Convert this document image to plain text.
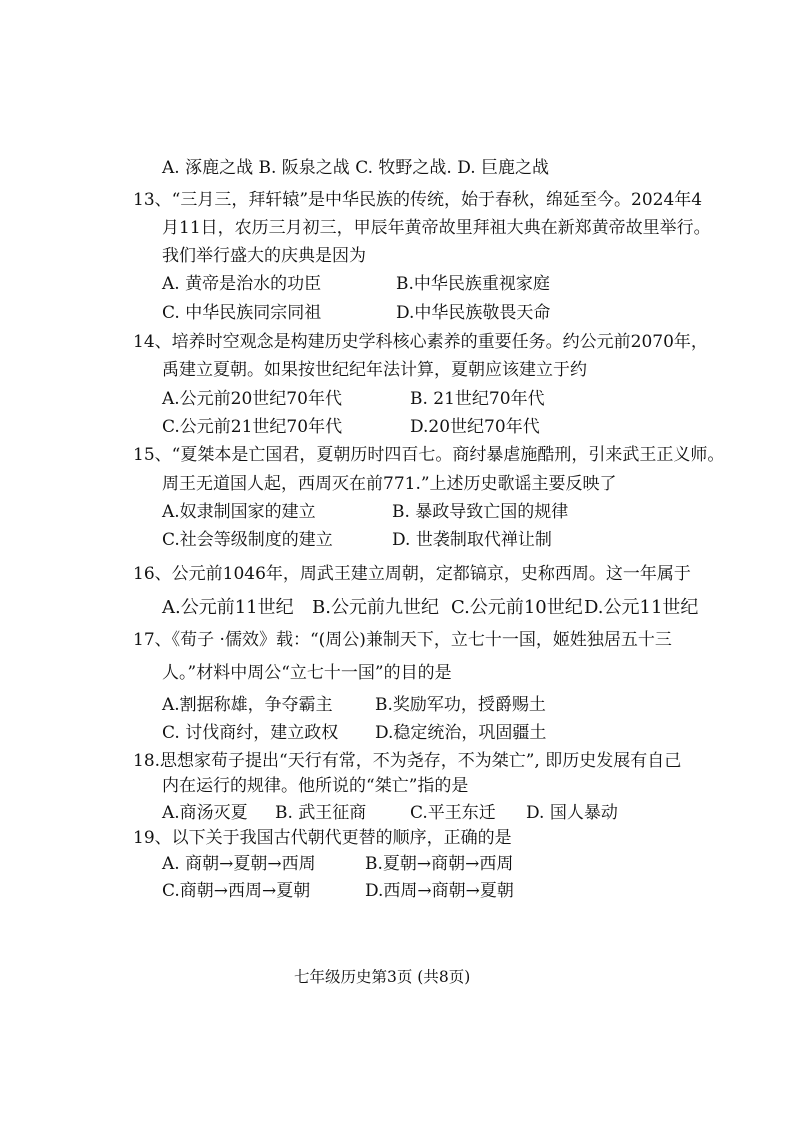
A. 涿鹿之战 B. 阪泉之战 C. 牧野之战. D. 巨鹿之战
13、“三月三，拜轩辕”是中华民族的传统，始于春秋，绵延至今。2024年4
月11日，农历三月初三，甲辰年黄帝故里拜祖大典在新郑黄帝故里举行。
我们举行盛大的庆典是因为
A. 黄帝是治水的功臣	B.中华民族重视家庭
C. 中华民族同宗同祖	D.中华民族敬畏天命
14、培养时空观念是构建历史学科核心素养的重要任务。约公元前2070年，
禹建立夏朝。如果按世纪纪年法计算，夏朝应该建立于约
A.公元前20世纪70年代	B. 21世纪70年代
C.公元前21世纪70年代	D.20世纪70年代
15、“夏桀本是亡国君，夏朝历时四百七。商纣暴虐施酷刑，引来武王正义师。
周王无道国人起，西周灭在前771.”上述历史歌谣主要反映了
A.奴隶制国家的建立	B. 暴政导致亡国的规律
C.社会等级制度的建立	D. 世袭制取代禅让制
16、公元前1046年，周武王建立周朝，定都镐京，史称西周。这一年属于
A.公元前11世纪 B.公元前九世纪 C.公元前10世纪 D.公元11世纪
17、《荀子 ·儒效》载：“(周公)兼制天下，立七十一国，姬姓独居五十三
人。”材料中周公“立七十一国”的目的是
A.割据称雄，争夺霸主 B.奖励军功，授爵赐土
C. 讨伐商纣，建立政权 D.稳定统治，巩固疆土
18.思想家荀子提出“天行有常，不为尧存，不为桀亡”, 即历史发展有自己
内在运行的规律。他所说的“桀亡”指的是
A.商汤灭夏 B. 武王征商	C.平王东迁 D. 国人暴动
19、以下关于我国古代朝代更替的顺序，正确的是
A. 商朝→夏朝→西周	B.夏朝→商朝→西周
C.商朝→西周→夏朝	D.西周→商朝→夏朝
七年级历史第3页 (共8页)
